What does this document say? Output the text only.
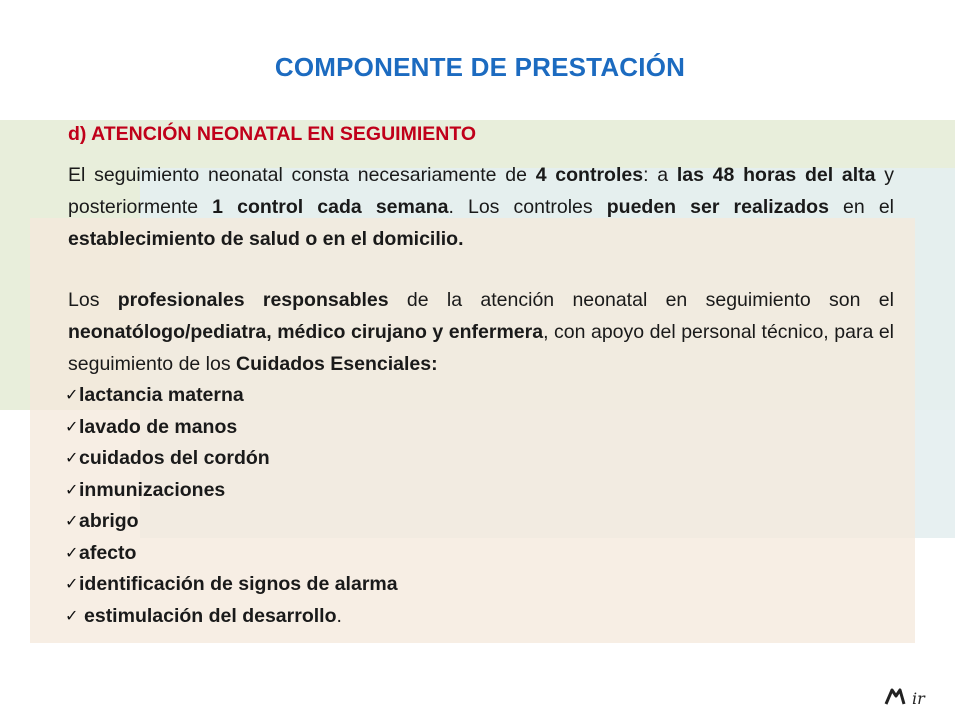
COMPONENTE DE PRESTACIÓN
d) ATENCIÓN NEONATAL EN SEGUIMIENTO

El seguimiento neonatal consta necesariamente de 4 controles: a las 48 horas del alta y posteriormente 1 control cada semana. Los controles pueden ser realizados en el establecimiento de salud o en el domicilio.

Los profesionales responsables de la atención neonatal en seguimiento son el neonatólogo/pediatra, médico cirujano y enfermera, con apoyo del personal técnico, para el seguimiento de los Cuidados Esenciales:

✓ lactancia materna
✓ lavado de manos
✓ cuidados del cordón
✓ inmunizaciones
✓ abrigo
✓ afecto
✓ identificación de signos de alarma
✓ estimulación del desarrollo .
ir
